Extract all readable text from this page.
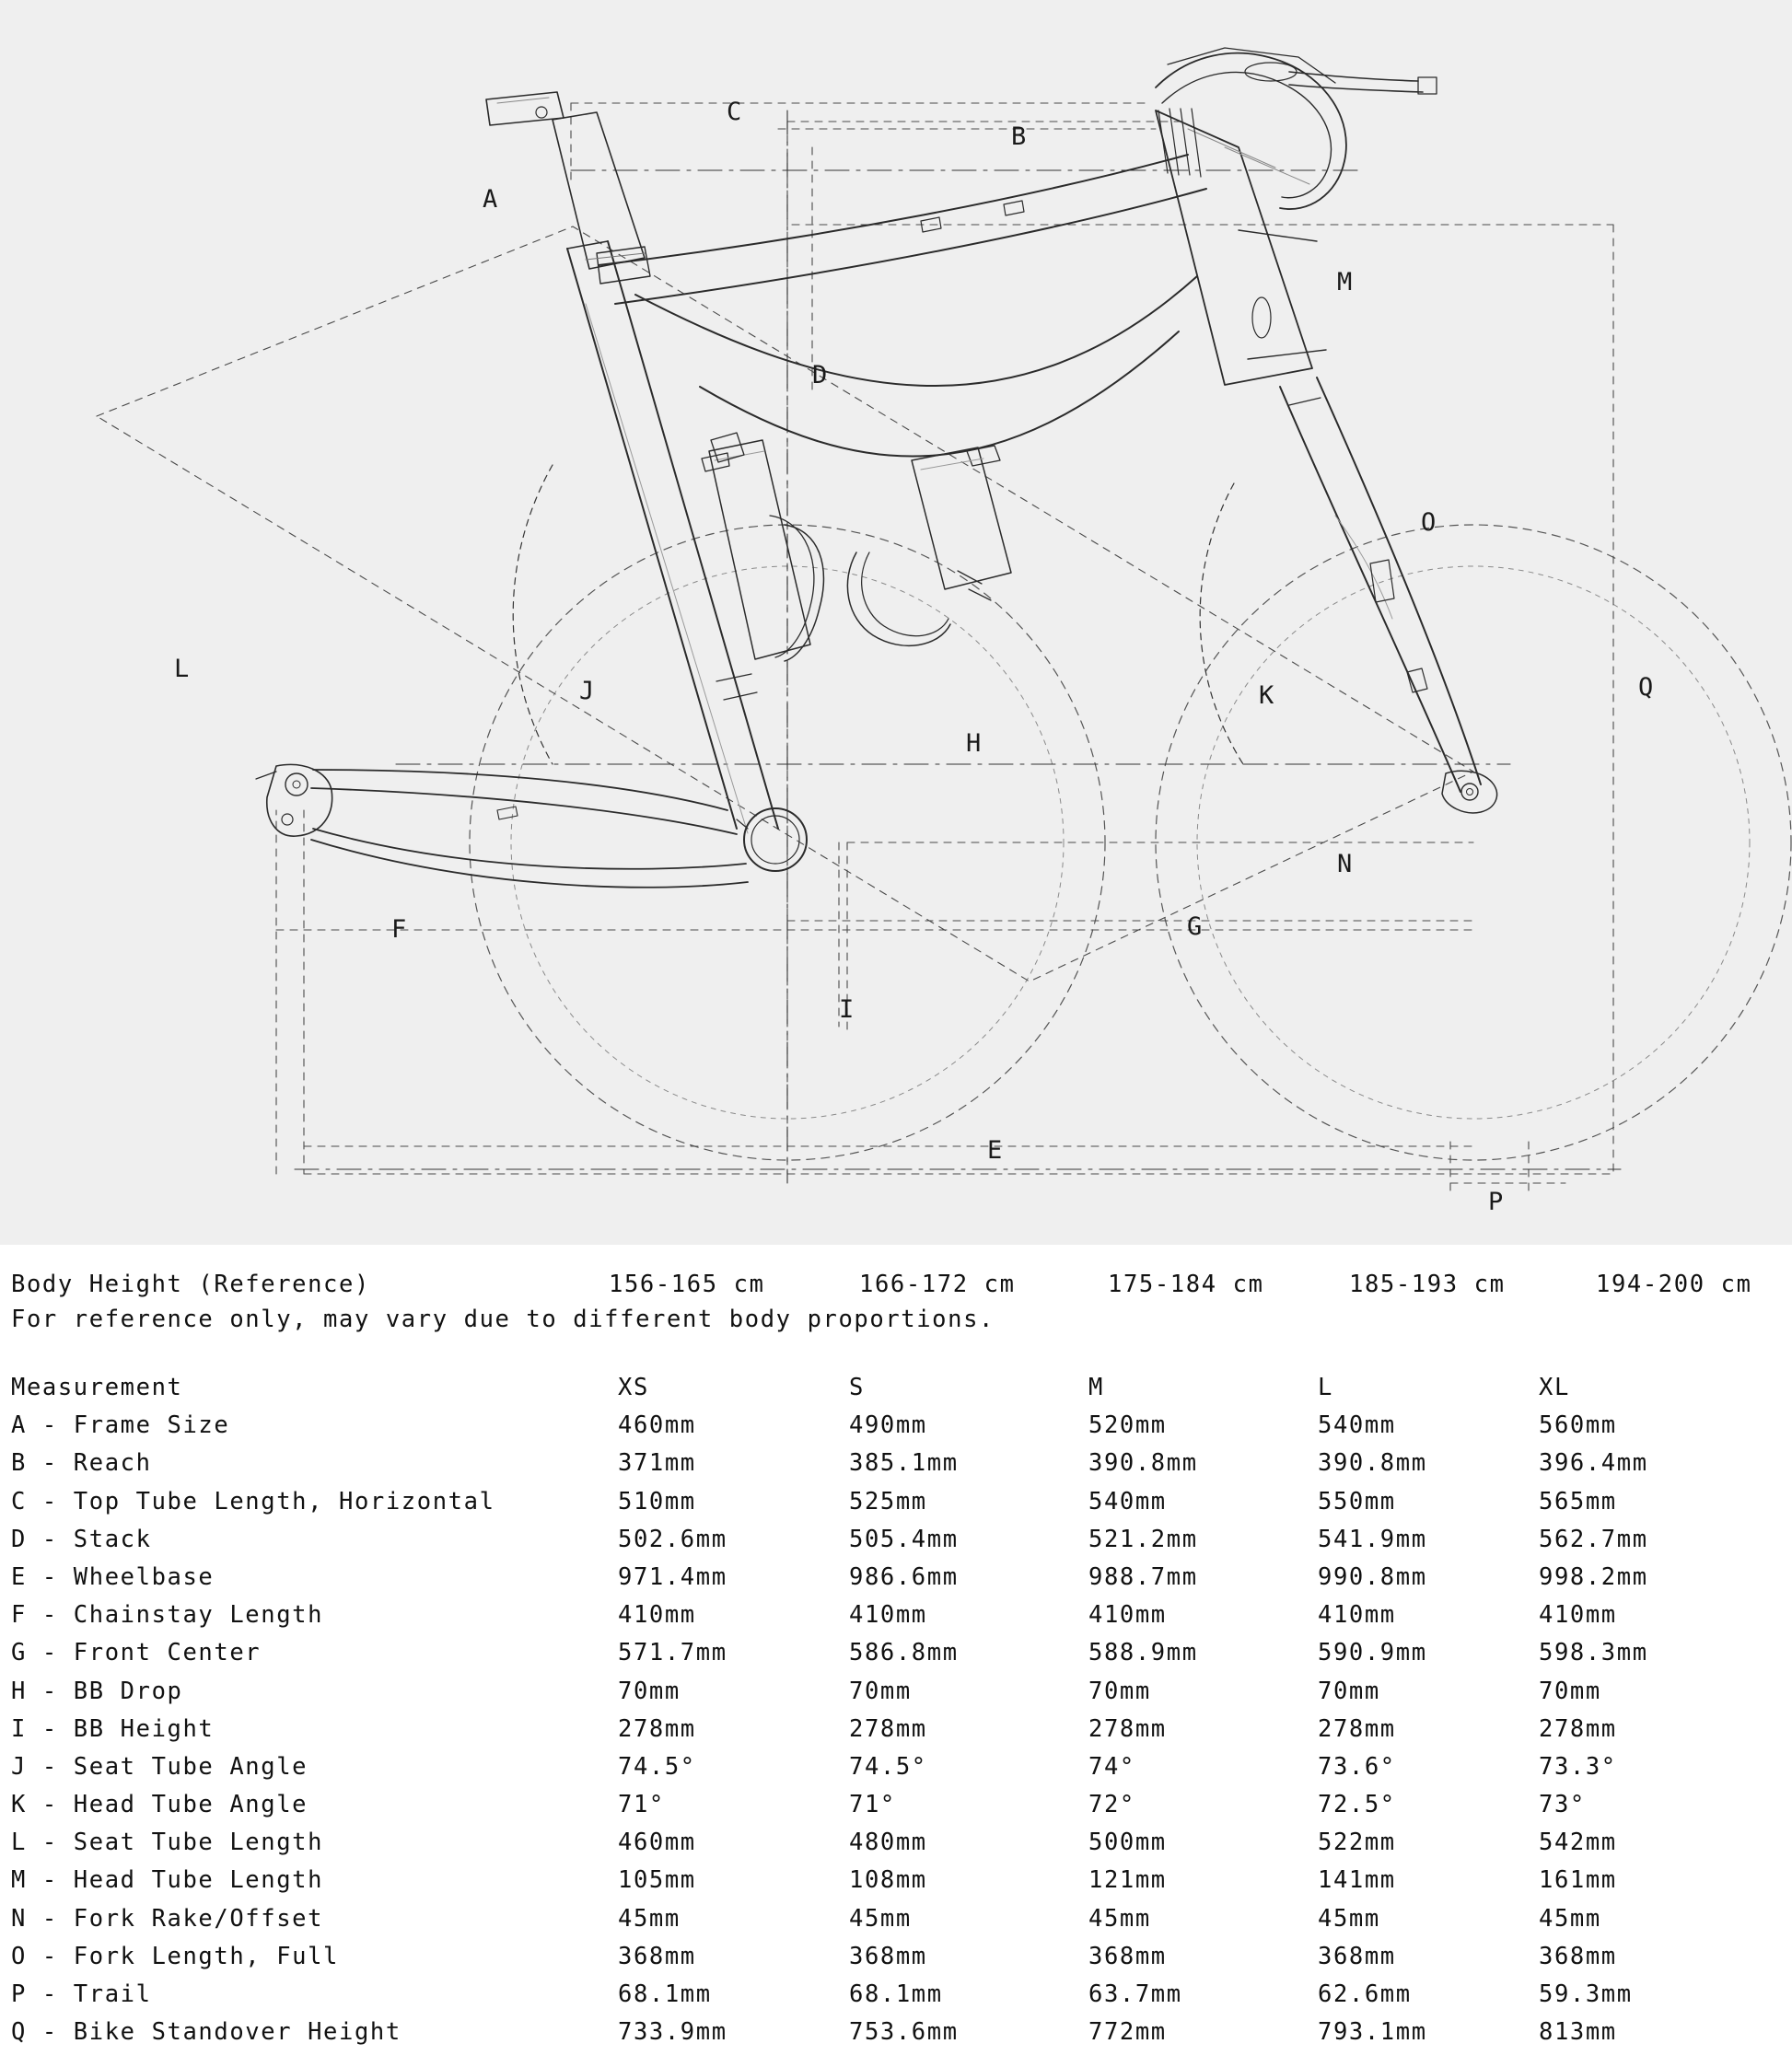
A
B
C
D
E
F	G
H
I
J	K
L
M
N
O
P
Q
Body Height (Reference)	156-165 cm	166-172 cm	175-184 cm	185-193 cm	194-200 cm
For reference only, may vary due to different body proportions.
Measurement	XS	S	M	L	XL
A - Frame Size	460mm	490mm	520mm	540mm	560mm
B - Reach	371mm	385.1mm	390.8mm	390.8mm	396.4mm
C - Top Tube Length, Horizontal	510mm	525mm	540mm	550mm	565mm
D - Stack	502.6mm	505.4mm	521.2mm	541.9mm	562.7mm
E - Wheelbase	971.4mm	986.6mm	988.7mm	990.8mm	998.2mm
F - Chainstay Length	410mm	410mm	410mm	410mm	410mm
G - Front Center	571.7mm	586.8mm	588.9mm	590.9mm	598.3mm
H - BB Drop	70mm	70mm	70mm	70mm	70mm
I - BB Height	278mm	278mm	278mm	278mm	278mm
J - Seat Tube Angle	74.5°	74.5°	74°	73.6°	73.3°
K - Head Tube Angle	71°	71°	72°	72.5°	73°
L - Seat Tube Length	460mm	480mm	500mm	522mm	542mm
M - Head Tube Length	105mm	108mm	121mm	141mm	161mm
N - Fork Rake/Offset	45mm	45mm	45mm	45mm	45mm
O - Fork Length, Full	368mm	368mm	368mm	368mm	368mm
P - Trail	68.1mm	68.1mm	63.7mm	62.6mm	59.3mm
Q - Bike Standover Height	733.9mm	753.6mm	772mm	793.1mm	813mm
